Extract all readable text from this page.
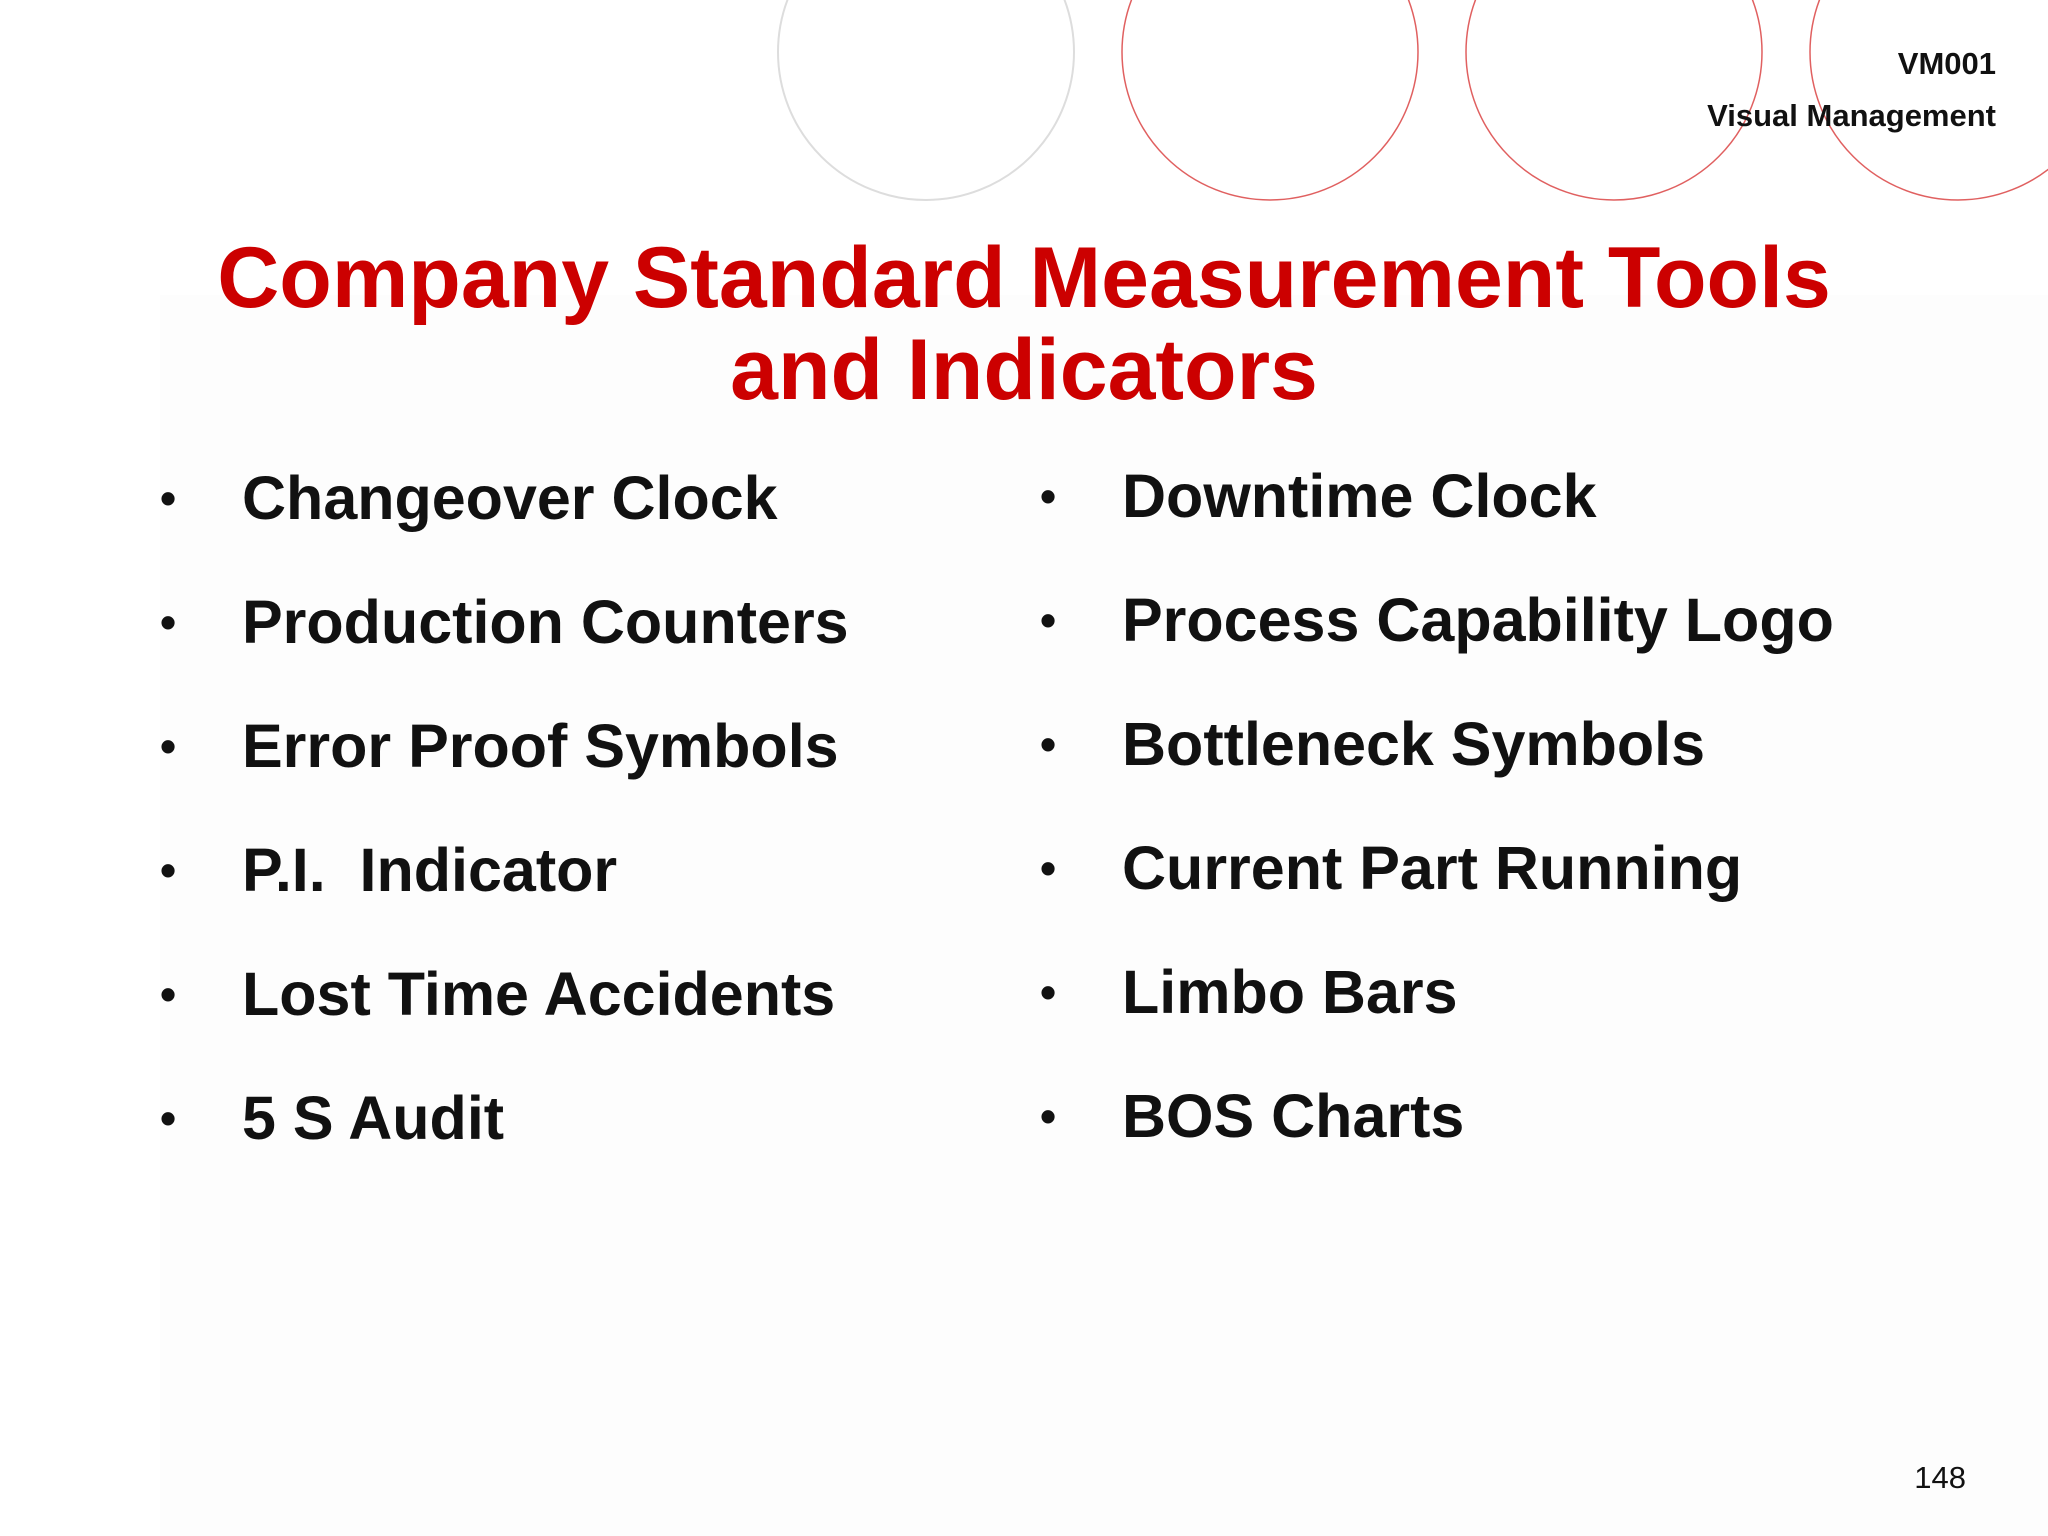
VM001
Visual Management
Company Standard Measurement Tools
and Indicators

•

Changeover Clock

•

Production Counters

•

Error Proof Symbols

•

P.I.  Indicator

•

Lost Time Accidents

•

5 S Audit

•

Downtime Clock

•

Process Capability Logo

•

Bottleneck Symbols

•

Current Part Running

•

Limbo Bars

•

BOS Charts

148
